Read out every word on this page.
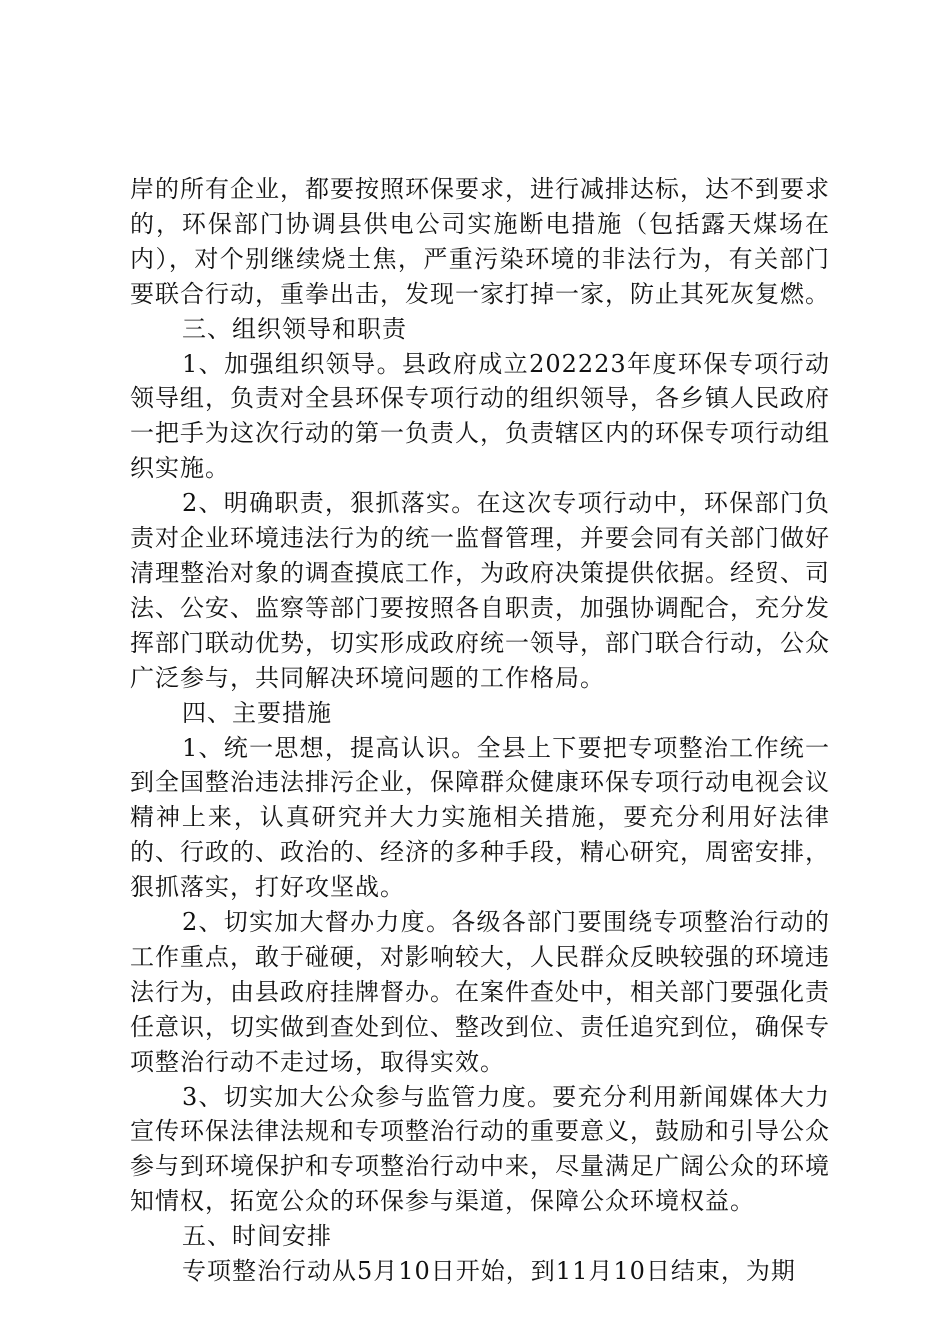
岸的所有企业，都要按照环保要求，进行减排达标，达不到要求的，环保部门协调县供电公司实施断电措施（包括露天煤场在内），对个别继续烧土焦，严重污染环境的非法行为，有关部门要联合行动，重拳出击，发现一家打掉一家，防止其死灰复燃。

三、组织领导和职责

1、加强组织领导。县政府成立202223年度环保专项行动领导组，负责对全县环保专项行动的组织领导，各乡镇人民政府一把手为这次行动的第一负责人，负责辖区内的环保专项行动组织实施。

2、明确职责，狠抓落实。在这次专项行动中，环保部门负责对企业环境违法行为的统一监督管理，并要会同有关部门做好清理整治对象的调查摸底工作，为政府决策提供依据。经贸、司法、公安、监察等部门要按照各自职责，加强协调配合，充分发挥部门联动优势，切实形成政府统一领导，部门联合行动，公众广泛参与，共同解决环境问题的工作格局。

四、主要措施

1、统一思想，提高认识。全县上下要把专项整治工作统一到全国整治违法排污企业，保障群众健康环保专项行动电视会议精神上来，认真研究并大力实施相关措施，要充分利用好法律的、行政的、政治的、经济的多种手段，精心研究，周密安排，狠抓落实，打好攻坚战。

2、切实加大督办力度。各级各部门要围绕专项整治行动的工作重点，敢于碰硬，对影响较大，人民群众反映较强的环境违法行为，由县政府挂牌督办。在案件查处中，相关部门要强化责任意识，切实做到查处到位、整改到位、责任追究到位，确保专项整治行动不走过场，取得实效。

3、切实加大公众参与监管力度。要充分利用新闻媒体大力宣传环保法律法规和专项整治行动的重要意义，鼓励和引导公众参与到环境保护和专项整治行动中来，尽量满足广阔公众的环境知情权，拓宽公众的环保参与渠道，保障公众环境权益。

五、时间安排

专项整治行动从5月10日开始，到11月10日结束，为期
